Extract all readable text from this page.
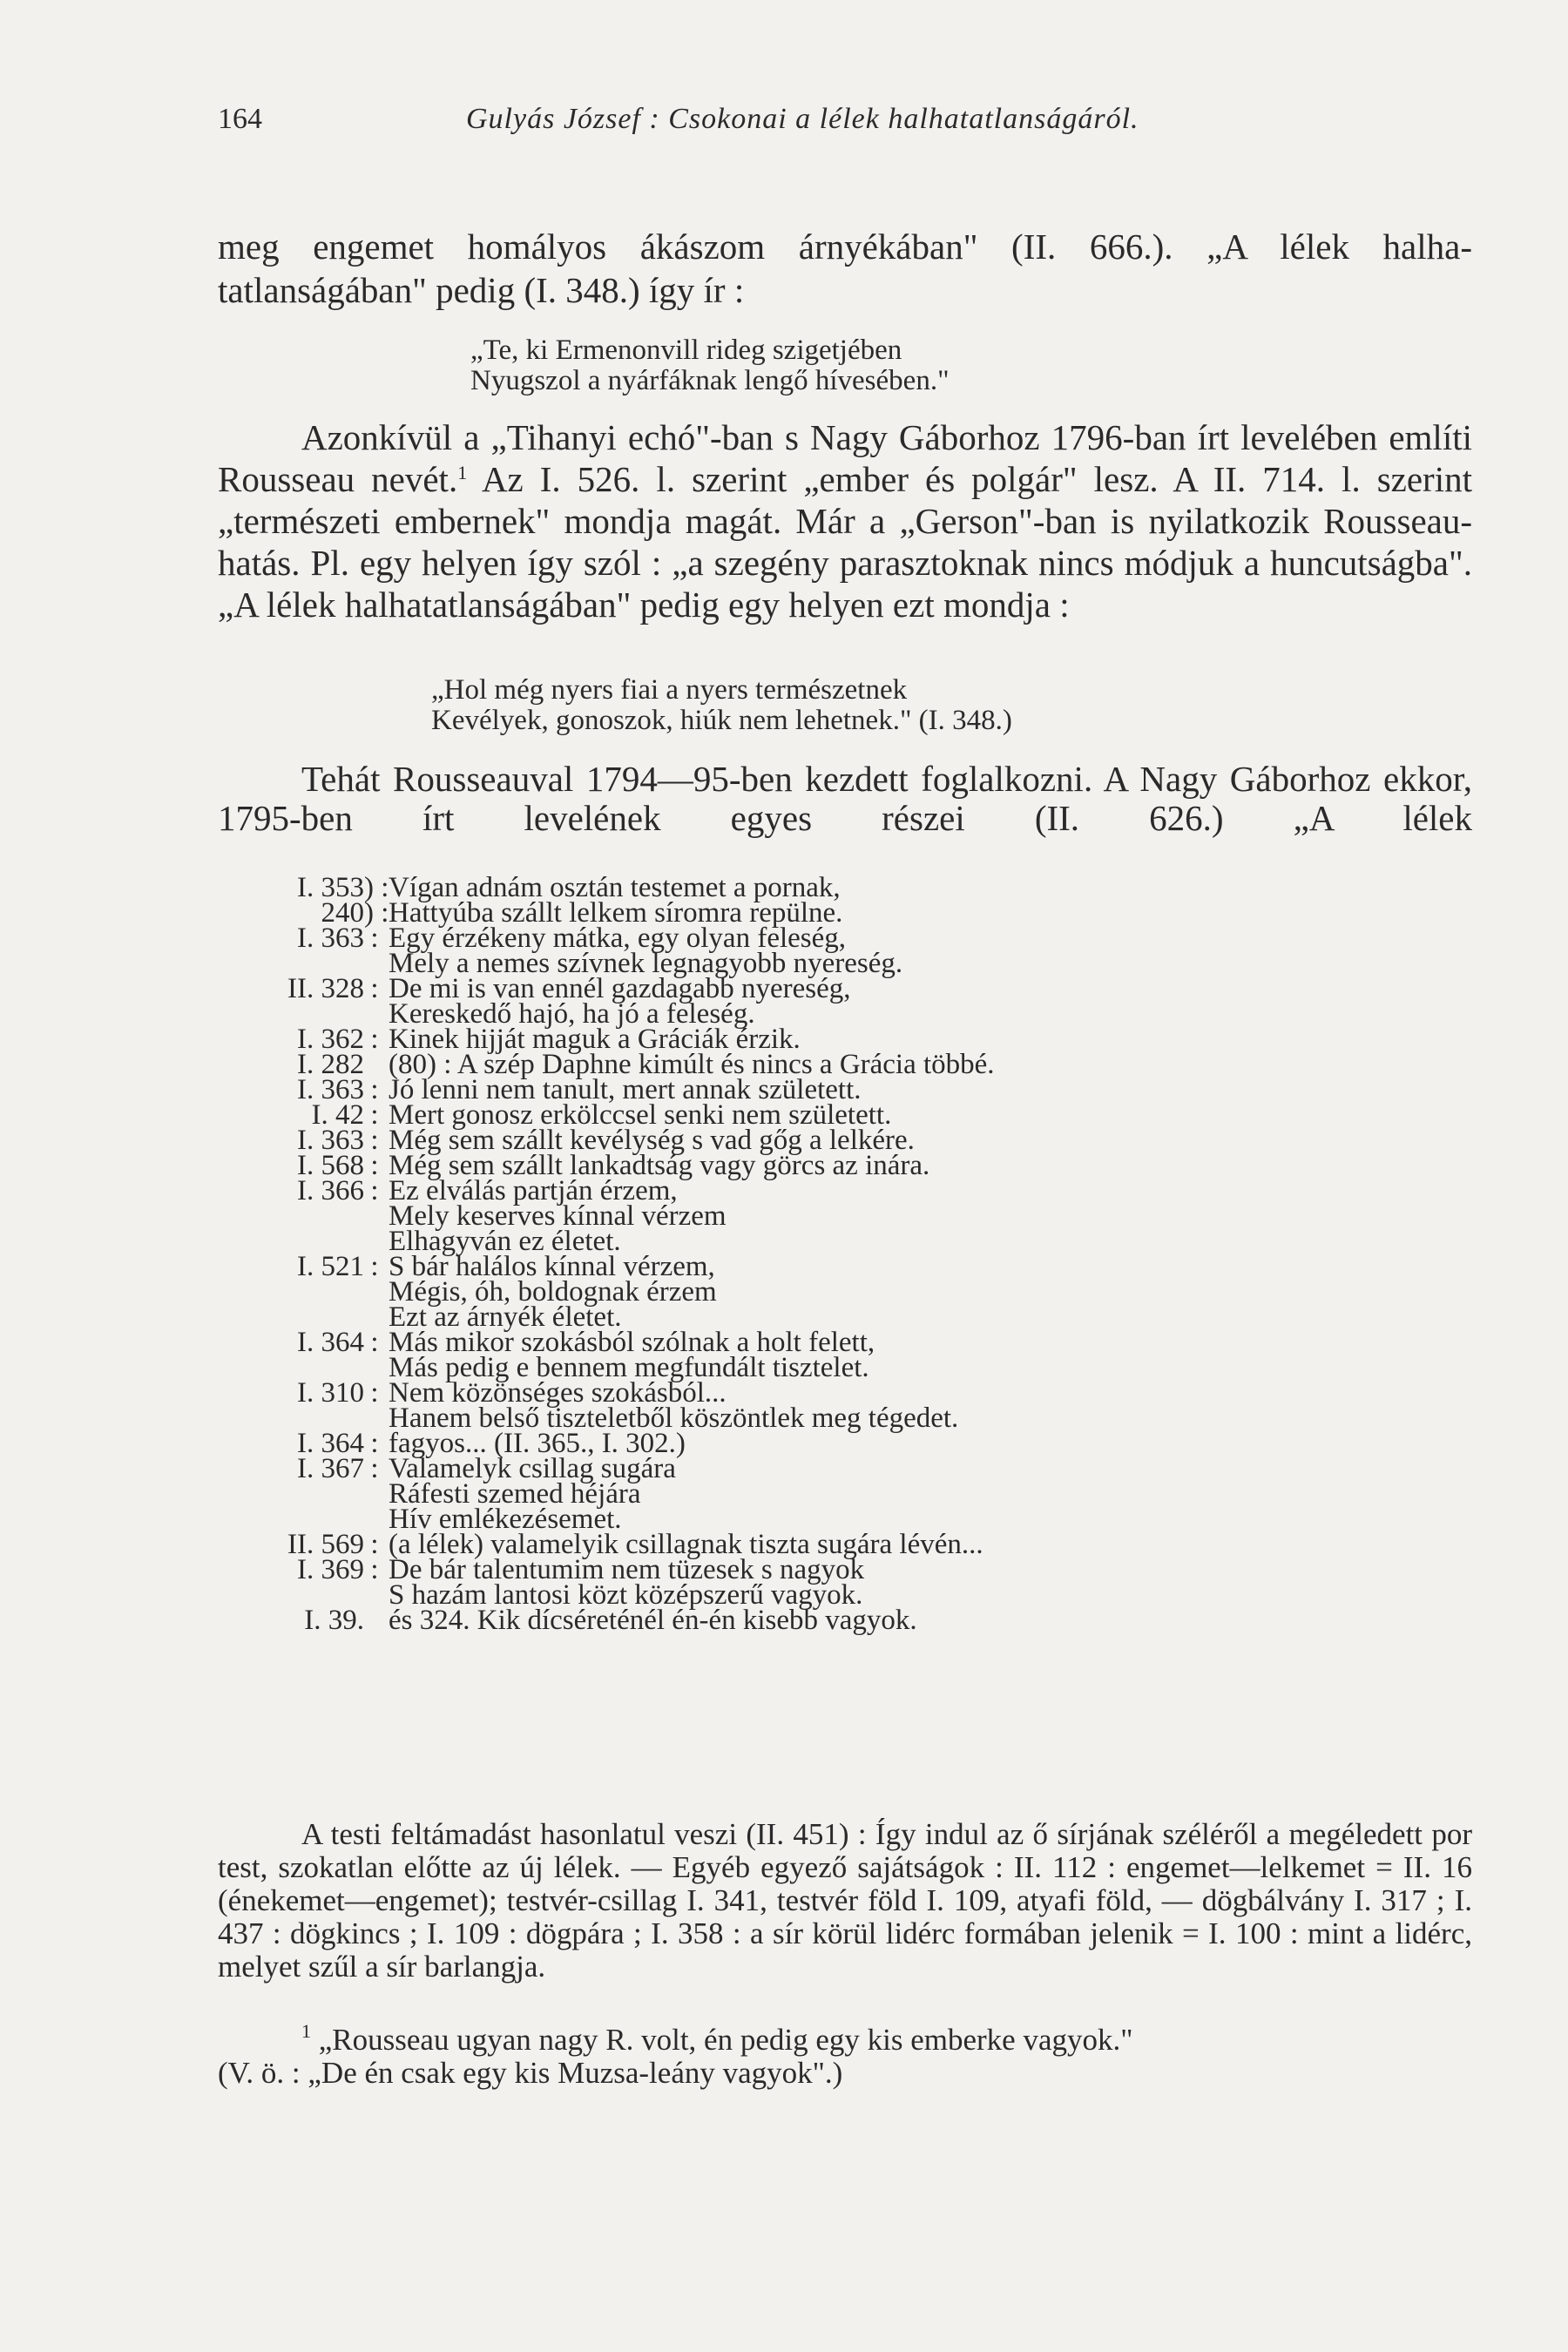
164	Gulyás József : Csokonai a lélek halhatatlanságáról.
meg engemet homályos ákászom árnyékában" (II. 666.). „A lélek halha-
tatlanságában" pedig (I. 348.) így ír :

„Te, ki Ermenonvill rideg szigetjében

Nyugszol a nyárfáknak lengő hívesében."

Azonkívül a „Tihanyi echó"-ban s Nagy Gáborhoz 1796-ban írt levelében említi Rousseau nevét.$^1$ Az I. 526. l. szerint „ember és polgár" lesz. A II. 714. l. szerint „természeti embernek" mondja magát. Már a „Gerson"-ban is nyilatkozik Rousseau-hatás. Pl. egy helyen így szól : „a szegény parasztoknak nincs módjuk a huncutságba". „A lélek halhatatlanságában" pedig egy helyen ezt mondja :

„Hol még nyers fiai a nyers természetnek

Kevélyek, gonoszok, hiúk nem lehetnek." (I. 348.)

Tehát Rousseauval 1794—95-ben kezdett foglalkozni. A Nagy Gáborhoz ekkor, 1795-ben írt levelének egyes részei (II. 626.) „A lélek
I. 353 ) : Vígan adnám osztán testemet a pornak,
240 ) : Hattyúba szállt lelkem síromra repülne.
I. 363 : Egy érzékeny mátka, egy olyan feleség,
Mely a nemes szívnek legnagyobb nyereség.
II. 328 : De mi is van ennél gazdagabb nyereség,
Kereskedő hajó, ha jó a feleség.
I. 362 : Kinek hijját maguk a Gráciák érzik.
I. 282 (80) : A szép Daphne kimúlt és nincs a Grácia többé.
I. 363 : Jó lenni nem tanult, mert annak született.
I. 42 : Mert gonosz erkölccsel senki nem született.
I. 363 : Még sem szállt kevélység s vad gőg a lelkére.
I. 568 : Még sem szállt lankadtság vagy görcs az inára.
I. 366 : Ez elválás partján érzem,
Mely keserves kínnal vérzem
Elhagyván ez életet.
I. 521 : S bár halálos kínnal vérzem,
Mégis, óh, boldognak érzem
Ezt az árnyék életet.
I. 364 : Más mikor szokásból szólnak a holt felett,
Más pedig e bennem megfundált tisztelet.
I. 310 : Nem közönséges szokásból...
Hanem belső tiszteletből köszöntlek meg tégedet.
I. 364 : fagyos... (II. 365., I. 302.)
I. 367 : Valamelyk csillag sugára
Ráfesti szemed héjára
Hív emlékezésemet.
II. 569 : (a lélek) valamelyik csillagnak tiszta sugára lévén...
I. 369 : De bár talentumim nem tüzesek s nagyok
S hazám lantosi közt középszerű vagyok.
I. 39. és 324. Kik dícséreténél én-én kisebb vagyok.
A testi feltámadást hasonlatul veszi (II. 451) : Így indul az ő sírjának széléről a megéledett por test, szokatlan előtte az új lélek. — Egyéb egyező sajátságok : II. 112 : engemet—lelkemet = II. 16 (énekemet—engemet); testvér-csillag I. 341, testvér föld I. 109, atyafi föld, — dögbálvány I. 317 ; I. 437 : dögkincs ; I. 109 : dögpára ; I. 358 : a sír körül lidérc formában jelenik = I. 100 : mint a lidérc, melyet szűl a sír barlangja.
$^1$ „Rousseau ugyan nagy R. volt, én pedig egy kis emberke vagyok."
(V. ö. : „De én csak egy kis Muzsa-leány vagyok".)
